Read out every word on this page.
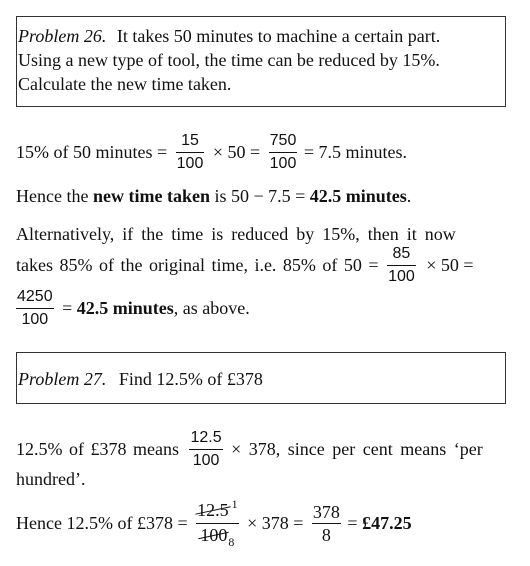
Problem 26. It takes 50 minutes to machine a certain part.
Using a new type of tool, the time can be reduced by 15%.
Calculate the new time taken.
15% of 50 minutes = $\frac{15}{100} \times 50 = \frac{750}{100} = 7.5$ minutes.
Hence the new time taken is 50 − 7.5 = 42.5 minutes.
Alternatively, if the time is reduced by 15%, then it now
takes 85% of the original time, i.e. 85% of $50 = \frac{85}{100} \times 50$ =
$\frac{4250}{100} = 42.5$ minutes, as above.
Problem 27. Find 12.5% of £378
12.5% of £378 means $\frac{12.5}{100} \times 378$, since per cent means ‘per
hundred’.
Hence 12.5% of £378 = $\frac{12.5 ^1}{100_8} \times 378 = \frac{378}{8}$ = £47.25
